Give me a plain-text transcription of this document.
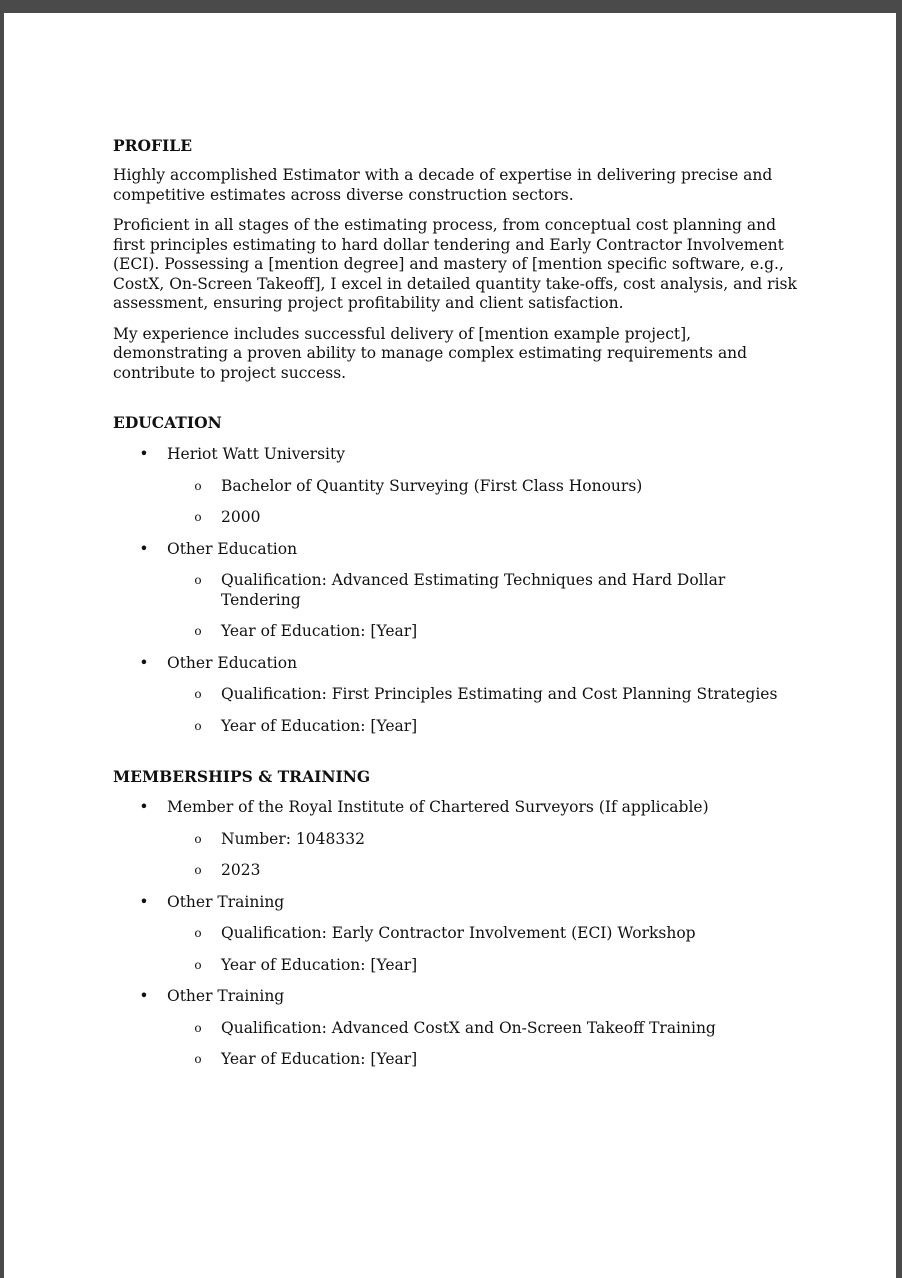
PROFILE

Highly accomplished Estimator with a decade of expertise in delivering precise and competitive estimates across diverse construction sectors.

Proficient in all stages of the estimating process, from conceptual cost planning and first principles estimating to hard dollar tendering and Early Contractor Involvement (ECI). Possessing a [mention degree] and mastery of [mention specific software, e.g., CostX, On-Screen Takeoff], I excel in detailed quantity take-offs, cost analysis, and risk assessment, ensuring project profitability and client satisfaction.

My experience includes successful delivery of [mention example project], demonstrating a proven ability to manage complex estimating requirements and contribute to project success.

EDUCATION
• Heriot Watt University
o Bachelor of Quantity Surveying (First Class Honours)
o 2000
• Other Education
o Qualification: Advanced Estimating Techniques and Hard Dollar Tendering
o Year of Education: [Year]
• Other Education
o Qualification: First Principles Estimating and Cost Planning Strategies
o Year of Education: [Year]
MEMBERSHIPS & TRAINING
• Member of the Royal Institute of Chartered Surveyors (If applicable)
o Number: 1048332
o 2023
• Other Training
o Qualification: Early Contractor Involvement (ECI) Workshop
o Year of Education: [Year]
• Other Training
o Qualification: Advanced CostX and On-Screen Takeoff Training
o Year of Education: [Year]
